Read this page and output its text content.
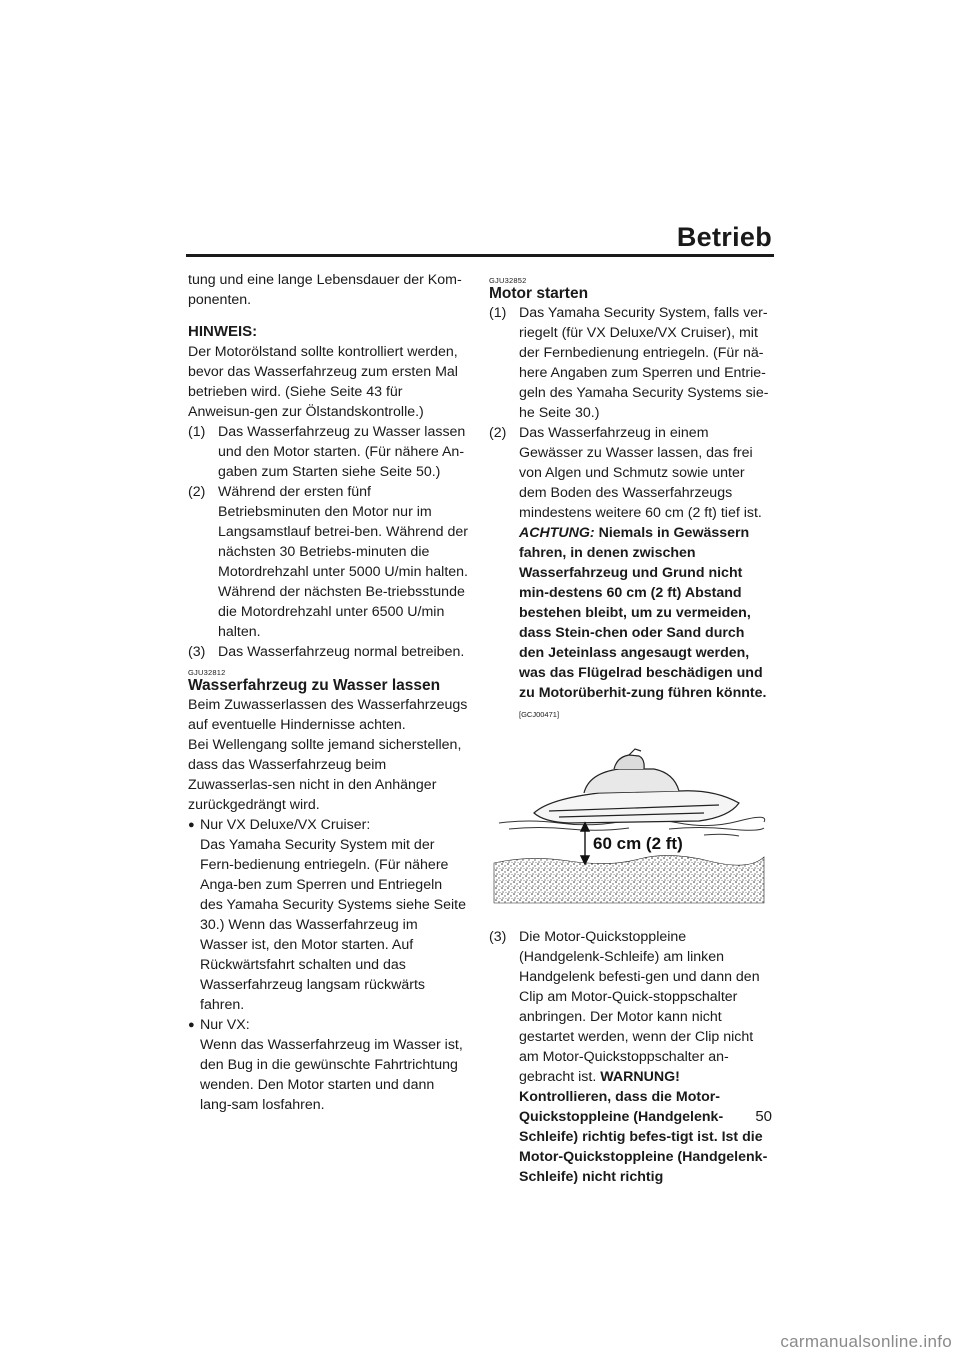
Betrieb

tung und eine lange Lebensdauer der Kom-ponenten.

HINWEIS:

Der Motorölstand sollte kontrolliert werden, bevor das Wasserfahrzeug zum ersten Mal betrieben wird. (Siehe Seite 43 für Anweisun-gen zur Ölstandskontrolle.)

(1) Das Wasserfahrzeug zu Wasser lassen und den Motor starten. (Für nähere An-gaben zum Starten siehe Seite 50.)
(2) Während der ersten fünf Betriebsminuten den Motor nur im Langsamstlauf betrei-ben. Während der nächsten 30 Betriebs-minuten die Motordrehzahl unter 5000 U/min halten. Während der nächsten Be-triebsstunde die Motordrehzahl unter 6500 U/min halten.
(3) Das Wasserfahrzeug normal betreiben.

GJU32812

Wasserfahrzeug zu Wasser lassen

Beim Zuwasserlassen des Wasserfahrzeugs auf eventuelle Hindernisse achten.

Bei Wellengang sollte jemand sicherstellen, dass das Wasserfahrzeug beim Zuwasserlas-sen nicht in den Anhänger zurückgedrängt wird.

● Nur VX Deluxe/VX Cruiser:

Das Yamaha Security System mit der Fern-bedienung entriegeln. (Für nähere Anga-ben zum Sperren und Entriegeln des Yamaha Security Systems siehe Seite 30.) Wenn das Wasserfahrzeug im Wasser ist, den Motor starten. Auf Rückwärtsfahrt schalten und das Wasserfahrzeug langsam rückwärts fahren.

● Nur VX:

Wenn das Wasserfahrzeug im Wasser ist, den Bug in die gewünschte Fahrtrichtung wenden. Den Motor starten und dann lang-sam losfahren.

GJU32852

Motor starten

(1) Das Yamaha Security System, falls ver-riegelt (für VX Deluxe/VX Cruiser), mit der Fernbedienung entriegeln. (Für nä-here Angaben zum Sperren und Entrie-geln des Yamaha Security Systems sie-he Seite 30.)
(2) Das Wasserfahrzeug in einem Gewässer zu Wasser lassen, das frei von Algen und Schmutz sowie unter dem Boden des Wasserfahrzeugs mindestens weitere 60 cm (2 ft) tief ist. ACHTUNG: Niemals in Gewässern fahren, in denen zwischen Wasserfahrzeug und Grund nicht min-destens 60 cm (2 ft) Abstand bestehen bleibt, um zu vermeiden, dass Stein-chen oder Sand durch den Jeteinlass angesaugt werden, was das Flügelrad beschädigen und zu Motorüberhit-zung führen könnte. [GCJ00471]
60 cm (2 ft)
(3) Die Motor-Quickstoppleine (Handgelenk-Schleife) am linken Handgelenk befesti-gen und dann den Clip am Motor-Quick-stoppschalter anbringen. Der Motor kann nicht gestartet werden, wenn der Clip nicht am Motor-Quickstoppschalter an-gebracht ist. WARNUNG! Kontrollieren, dass die Motor-Quickstoppleine (Handgelenk-Schleife) richtig befes-tigt ist. Ist die Motor-Quickstoppleine (Handgelenk-Schleife) nicht richtig
50
carmanualsonline.info
